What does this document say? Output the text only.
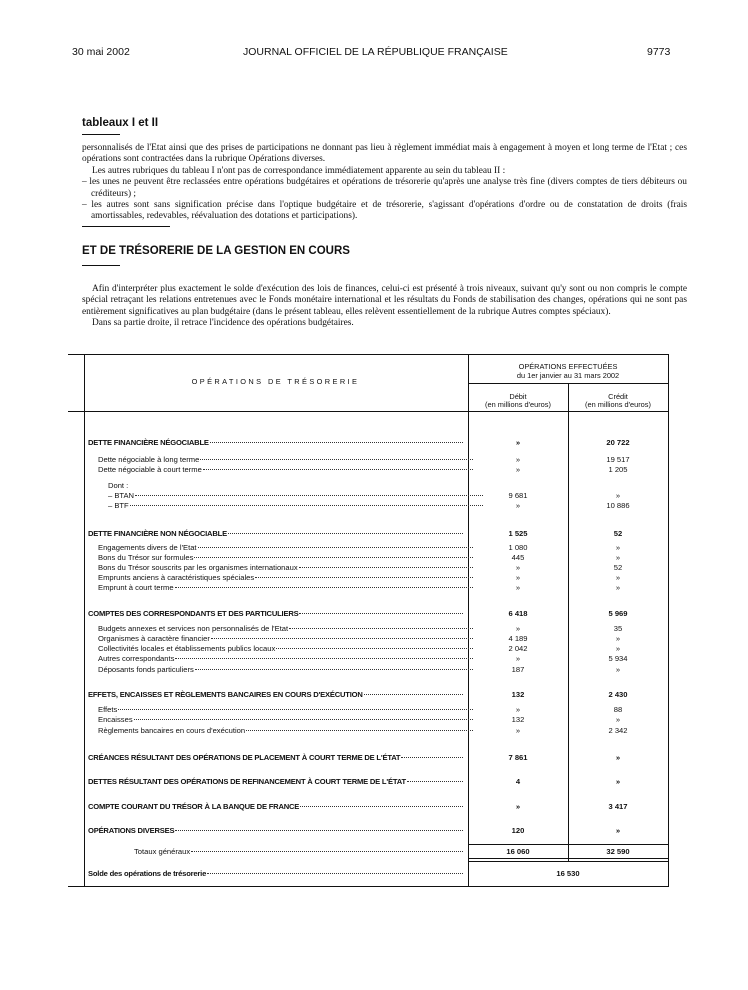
30 mai 2002	JOURNAL OFFICIEL DE LA RÉPUBLIQUE FRANÇAISE	9773
tableaux I et II

personnalisés de l'Etat ainsi que des prises de participations ne donnant pas lieu à règlement immédiat mais à engagement à moyen et long terme de l'Etat ; ces opérations sont contractées dans la rubrique Opérations diverses.

Les autres rubriques du tableau I n'ont pas de correspondance immédiatement apparente au sein du tableau II :

– les unes ne peuvent être reclassées entre opérations budgétaires et opérations de trésorerie qu'après une analyse très fine (divers comptes de tiers débiteurs ou créditeurs) ;

– les autres sont sans signification précise dans l'optique budgétaire et de trésorerie, s'agissant d'opérations d'ordre ou de constatation de droits (frais amortissables, redevables, réévaluation des dotations et participations).

ET DE TRÉSORERIE DE LA GESTION EN COURS

Afin d'interpréter plus exactement le solde d'exécution des lois de finances, celui-ci est présenté à trois niveaux, suivant qu'y sont ou non compris le compte spécial retraçant les relations entretenues avec le Fonds monétaire international et les résultats du Fonds de stabilisation des changes, opérations qui ne sont pas entièrement significatives au plan budgétaire (dans le présent tableau, elles relèvent essentiellement de la rubrique Autres comptes spéciaux).

Dans sa partie droite, il retrace l'incidence des opérations budgétaires.

OPÉRATIONS DE TRÉSORERIE
OPÉRATIONS EFFECTUÉES
du 1er janvier au 31 mars 2002
Débit
(en millions d'euros)
Crédit
(en millions d'euros)
DETTE FINANCIÈRE NÉGOCIABLE	»	20 722
Dette négociable à long terme	»	19 517
Dette négociable à court terme	»	1 205
Dont :
– BTAN	9 681	»
– BTF	»	10 886
DETTE FINANCIÈRE NON NÉGOCIABLE	1 525	52
Engagements divers de l'Etat	1 080	»
Bons du Trésor sur formules	445	»
Bons du Trésor souscrits par les organismes internationaux	»	52
Emprunts anciens à caractéristiques spéciales	»	»
Emprunt à court terme	»	»
COMPTES DES CORRESPONDANTS ET DES PARTICULIERS	6 418	5 969
Budgets annexes et services non personnalisés de l'Etat	»	35
Organismes à caractère financier	4 189	»
Collectivités locales et établissements publics locaux	2 042	»
Autres correspondants	»	5 934
Déposants fonds particuliers	187	»
EFFETS, ENCAISSES ET RÈGLEMENTS BANCAIRES EN COURS D'EXÉCUTION	132	2 430
Effets	»	88
Encaisses	132	»
Règlements bancaires en cours d'exécution	»	2 342
CRÉANCES RÉSULTANT DES OPÉRATIONS DE PLACEMENT À COURT TERME DE L'ÉTAT	7 861	»
DETTES RÉSULTANT DES OPÉRATIONS DE REFINANCEMENT À COURT TERME DE L'ÉTAT	4	»
COMPTE COURANT DU TRÉSOR À LA BANQUE DE FRANCE	»	3 417
OPÉRATIONS DIVERSES	120	»
Totaux généraux	16 060	32 590
Solde des opérations de trésorerie	16 530
